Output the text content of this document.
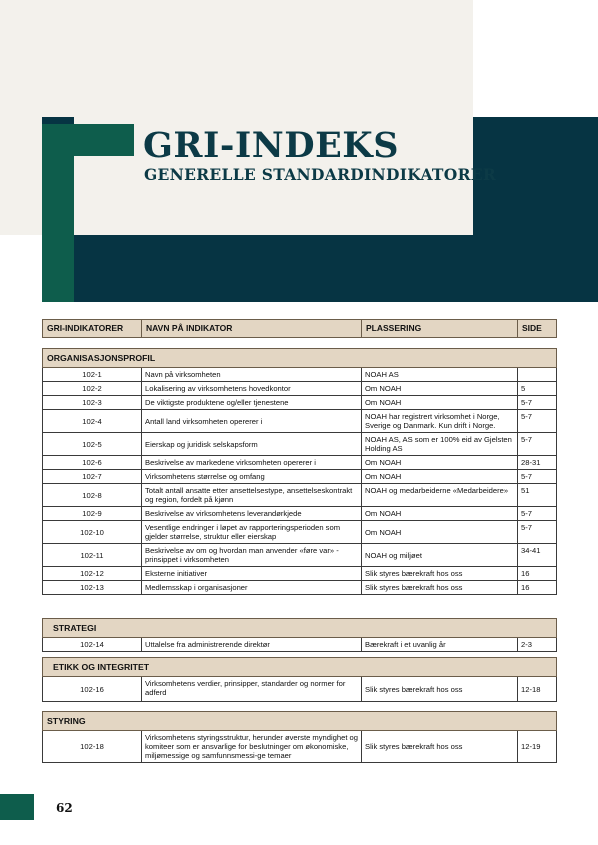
GRI-INDEKS
GENERELLE STANDARDINDIKATORER
GRI-INDIKATORER	NAVN PÅ INDIKATOR	PLASSERING	SIDE
ORGANISASJONSPROFIL			
102-1	Navn på virksomheten	NOAH AS	
102-2	Lokalisering av virksomhetens hovedkontor	Om NOAH	5
102-3	De viktigste produktene og/eller tjenestene	Om NOAH	5-7
102-4	Antall land virksomheten opererer i	NOAH har registrert virksomhet i Norge, Sverige og Danmark. Kun drift i Norge.	5-7
102-5	Eierskap og juridisk selskapsform	NOAH AS, AS som er 100% eid av Gjelsten Holding AS	5-7
102-6	Beskrivelse av markedene virksomheten opererer i	Om NOAH	28-31
102-7	Virksomhetens størrelse og omfang	Om NOAH	5-7
102-8	Totalt antall ansatte etter ansettelsestype, ansettelseskontrakt og region, fordelt på kjønn	NOAH og medarbeiderne «Medarbeidere»	51
102-9	Beskrivelse av virksomhetens leverandørkjede	Om NOAH	5-7
102-10	Vesentlige endringer i løpet av rapporteringsperioden som gjelder størrelse, struktur eller eierskap	Om NOAH	5-7
102-11	Beskrivelse av om og hvordan man anvender «føre var» -prinsippet i virksomheten	NOAH og miljøet	34-41
102-12	Eksterne initiativer	Slik styres bærekraft hos oss	16
102-13	Medlemsskap i organisasjoner	Slik styres bærekraft hos oss	16
STRATEGI
102-14	Uttalelse fra administrerende direktør	Bærekraft i et uvanlig år	2-3
ETIKK OG INTEGRITET
102-16	Virksomhetens verdier, prinsipper, standarder og normer for adferd	Slik styres bærekraft hos oss	12-18
STYRING
102-18	Virksomhetens styringsstruktur, herunder øverste myndighet og komiteer som er ansvarlige for beslutninger om økonomiske, miljømessige og samfunnsmessi-ge temaer	Slik styres bærekraft hos oss	12-19
62
